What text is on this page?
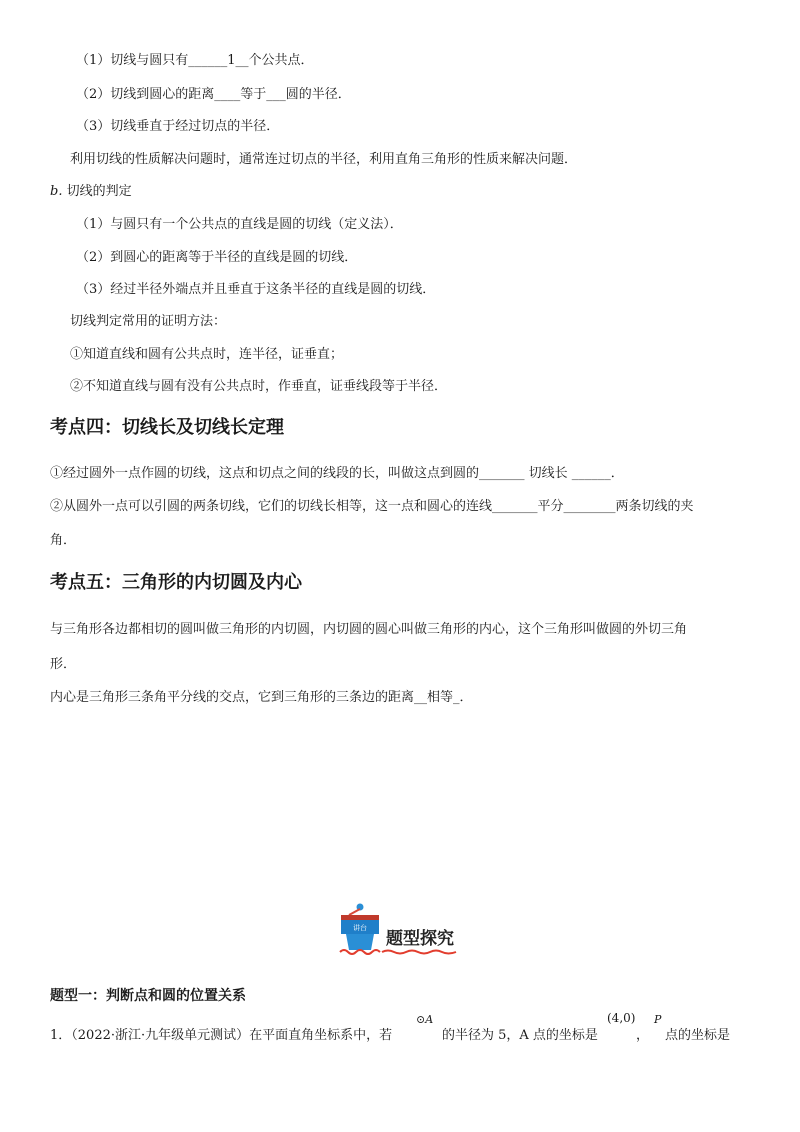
（1）切线与圆只有______1__个公共点．
（2）切线到圆心的距离____等于___圆的半径．
（3）切线垂直于经过切点的半径．
利用切线的性质解决问题时，通常连过切点的半径，利用直角三角形的性质来解决问题．
b. 切线的判定
（1）与圆只有一个公共点的直线是圆的切线（定义法）．
（2）到圆心的距离等于半径的直线是圆的切线．
（3）经过半径外端点并且垂直于这条半径的直线是圆的切线．
切线判定常用的证明方法：
①知道直线和圆有公共点时，连半径，证垂直；
②不知道直线与圆有没有公共点时，作垂直，证垂线段等于半径．
考点四：切线长及切线长定理
①经过圆外一点作圆的切线，这点和切点之间的线段的长，叫做这点到圆的_______ 切线长 ______．
②从圆外一点可以引圆的两条切线，它们的切线长相等，这一点和圆心的连线_______平分________两条切线的夹
角．
考点五：三角形的内切圆及内心
与三角形各边都相切的圆叫做三角形的内切圆，内切圆的圆心叫做三角形的内心，这个三角形叫做圆的外切三角
形．
内心是三角形三条角平分线的交点，它到三角形的三条边的距离__相等_．
讲台
题型探究
题型一：判断点和圆的位置关系
1．（2022·浙江·九年级单元测试）在平面直角坐标系中，若
⊙A
的半径为 5，A 点的坐标是
(4,0)
，
P
点的坐标是
